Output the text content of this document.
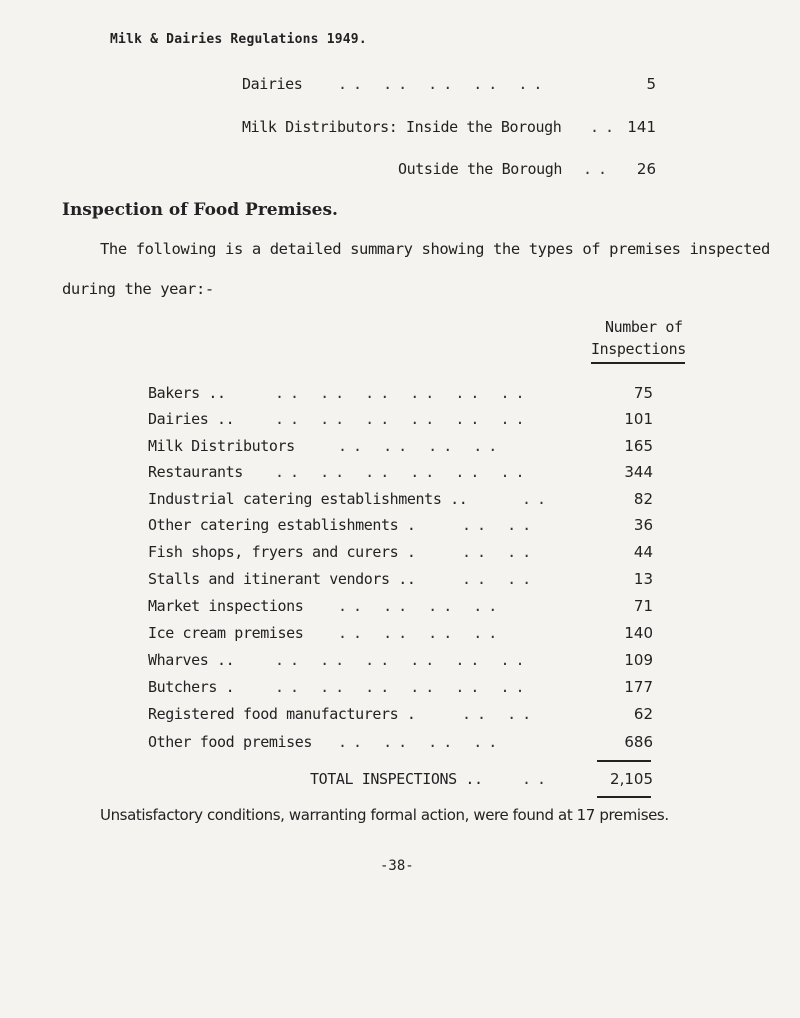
Milk & Dairies Regulations 1949.
Dairies .. .. .. .. ..	5
Milk Distributors: Inside the Borough .. 141
Outside the Borough ..	26
Inspection of Food Premises.
The following is a detailed summary showing the types of premises inspected
during the year:-
Number of
Inspections
Bakers ..	.. .. .. .. .. ..	75
Dairies ..	.. .. .. .. .. ..	101
Milk Distributors	.. .. .. ..	165
Restaurants .. .. .. .. .. ..	344
Industrial catering establishments ..	..	82
Other catering establishments .	.. ..	36
Fish shops, fryers and curers .	.. ..	44
Stalls and itinerant vendors ..	.. ..	13
Market inspections .. .. .. ..	71
Ice cream premises .. .. .. ..	140
Wharves ..	.. .. .. .. .. ..	109
Butchers .	.. .. .. .. .. ..	177
Registered food manufacturers .	.. ..	62
Other food premises .. .. .. ..	686
TOTAL INSPECTIONS ..	..	2,105
Unsatisfactory conditions, warranting formal action, were found at 17 premises.
-38-
